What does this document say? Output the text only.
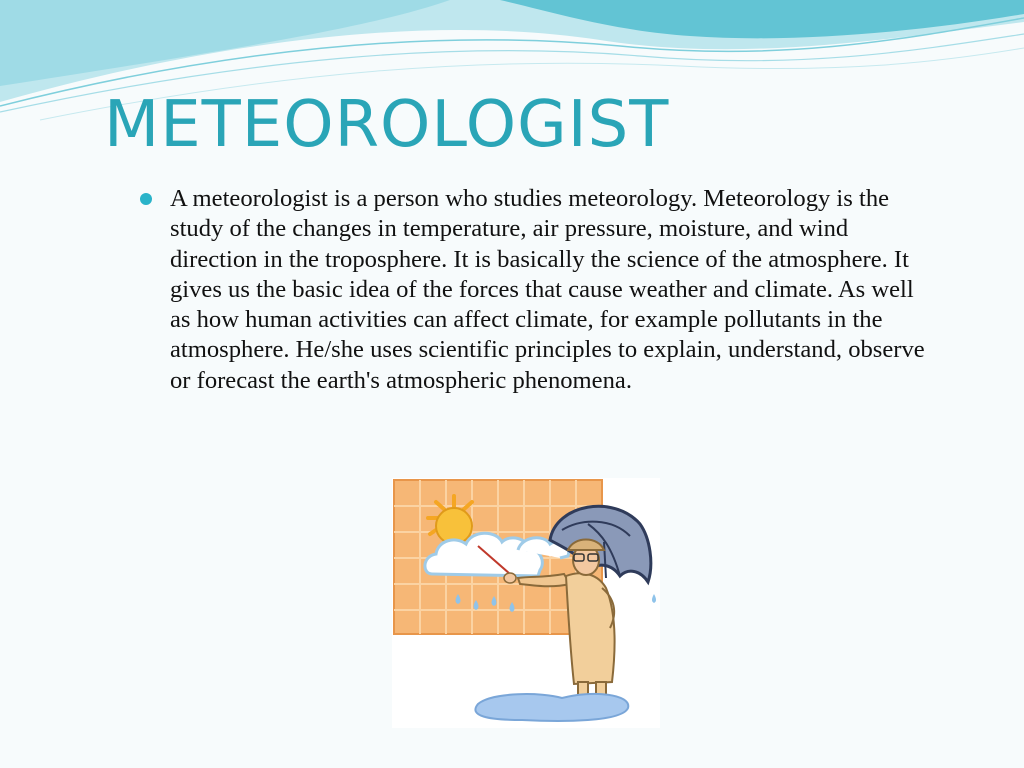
METEOROLOGIST
A meteorologist is a person who studies meteorology. Meteorology is the study of the changes in temperature, air pressure, moisture, and wind direction in the troposphere. It is basically the science of the atmosphere. It gives us the basic idea of the forces that cause weather and climate. As well as how human activities can affect climate, for example pollutants in the atmosphere. He/she uses scientific principles to explain, understand, observe or forecast the earth's atmospheric phenomena.
